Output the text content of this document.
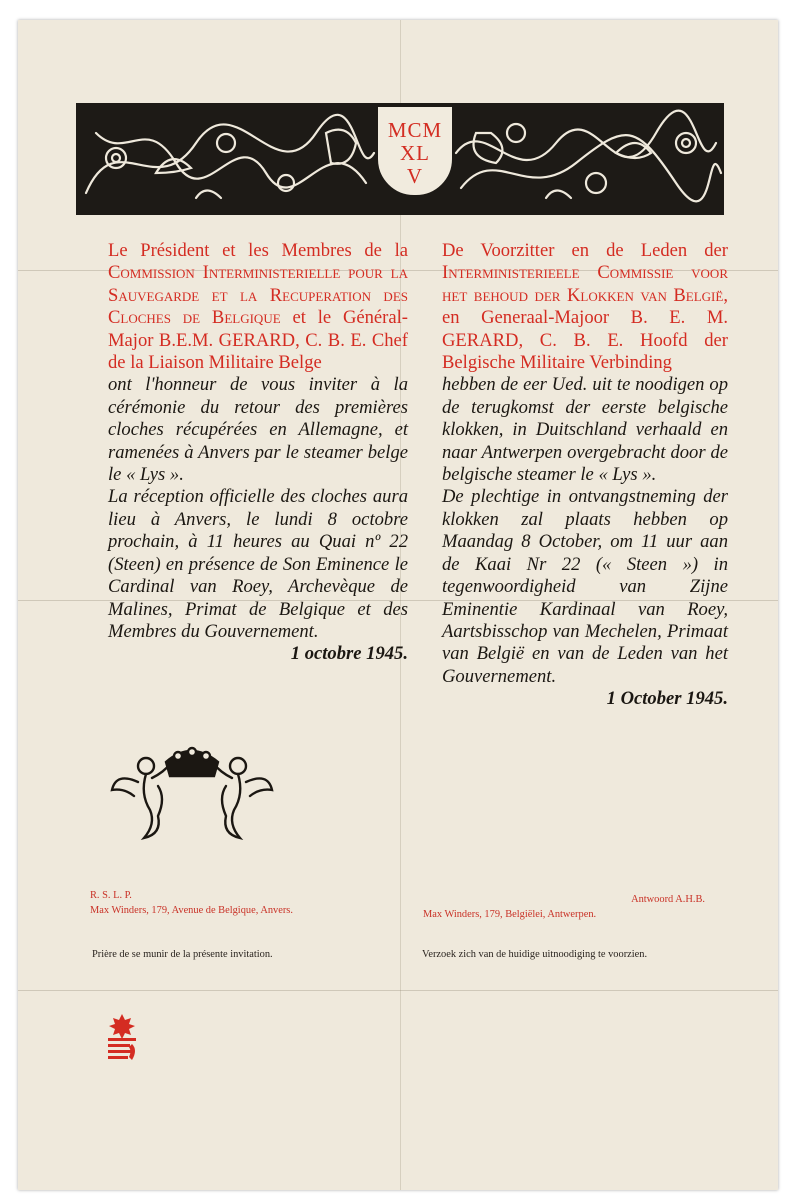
MCM
XL
V
Le Président et les Membres de la Commission Interministerielle pour la Sauvegarde et la Recuperation des Cloches de Belgique et le Général-Major B.E.M. GERARD, C. B. E. Chef de la Liaison Militaire Belge
ont l'honneur de vous inviter à la cérémonie du retour des premières cloches récupérées en Allemagne, et ramenées à Anvers par le steamer belge le « Lys ».
La réception officielle des cloches aura lieu à Anvers, le lundi 8 octobre prochain, à 11 heures au Quai nº 22 (Steen) en présence de Son Eminence le Cardinal van Roey, Archevèque de Malines, Primat de Belgique et des Membres du Gouvernement.
1 octobre 1945.
De Voorzitter en de Leden der Interministerieele Commissie voor het behoud der Klokken van België, en Generaal-Majoor B. E. M. GERARD, C. B. E. Hoofd der Belgische Militaire Verbinding
hebben de eer Ued. uit te noodigen op de terugkomst der eerste belgische klokken, in Duitschland verhaald en naar Antwerpen overgebracht door de belgische steamer le « Lys ».
De plechtige in ontvangstneming der klokken zal plaats hebben op Maandag 8 October, om 11 uur aan de Kaai Nr 22 (« Steen ») in tegenwoordigheid van Zijne Eminentie Kardinaal van Roey, Aartsbisschop van Mechelen, Primaat van België en van de Leden van het Gouvernement.
1 October 1945.
R. S. L. P.
Max Winders, 179, Avenue de Belgique, Anvers.
Antwoord A.H.B.
Max Winders, 179, Belgiëlei, Antwerpen.
Prière de se munir de la présente invitation.	Verzoek zich van de huidige uitnoodiging te voorzien.
